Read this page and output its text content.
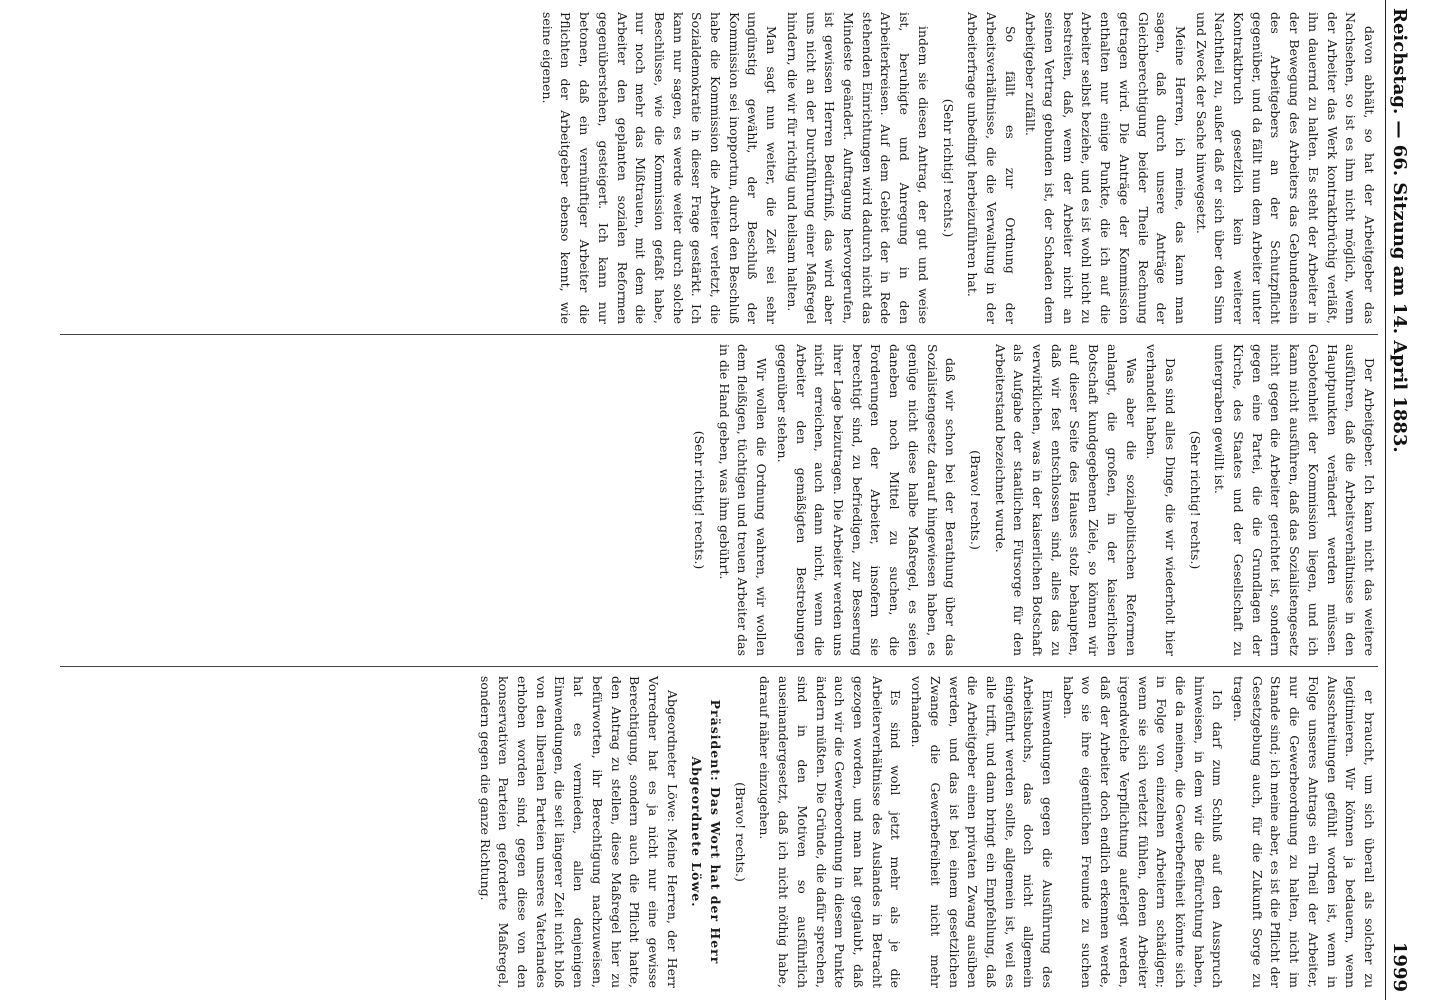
Reichstag. — 66. Sitzung am 14. April 1883.
1999

davon abhält, so hat der Arbeitgeber das Nachsehen, so ist es ihm nicht möglich, wenn der Arbeiter das Werk kontraktbrüchig verläßt, ihn dauernd zu halten. Es steht der Arbeiter in der Bewegung des Arbeiters das Gebundensein des Arbeitgebers an der Schutzpflicht gegenüber, und da fällt nun dem Arbeiter unter Kontraktbruch gesetzlich kein weiterer Nachtheil zu, außer daß er sich über den Sinn und Zweck der Sache hinwegsetzt.

Meine Herren, ich meine, das kann man sagen, daß durch unsere Anträge der Gleichberechtigung beider Theile Rechnung getragen wird. Die Anträge der Kommission enthalten nur einige Punkte, die ich auf die Arbeiter selbst beziehe, und es ist wohl nicht zu bestreiten, daß, wenn der Arbeiter nicht an seinen Vertrag gebunden ist, der Schaden dem Arbeitgeber zufällt.

So fällt es zur Ordnung der Arbeitsverhältnisse, die die Verwaltung in der Arbeiterfrage unbedingt herbeizuführen hat.

(Sehr richtig! rechts.)

indem sie diesen Antrag, der gut und weise ist, beruhigte und Anregung in den Arbeiterkreisen. Auf dem Gebiet der in Rede stehenden Einrichtungen wird dadurch nicht das Mindeste geändert. Auftragung hervorgerufen, ist gewissen Herren Bedürfniß, das wird aber uns nicht an der Durchführung einer Maßregel hindern, die wir für richtig und heilsam halten.

Man sagt nun weiter, die Zeit sei sehr ungünstig gewählt, der Beschluß der Kommission sei inopportun, durch den Beschluß habe die Kommission die Arbeiter verletzt, die Sozialdemokratie in dieser Frage gestärkt. Ich kann nur sagen, es werde weiter durch solche Beschlüsse, wie die Kommission gefaßt habe, nur noch mehr das Mißtrauen, mit dem die Arbeiter den geplanten sozialen Reformen gegenüberstehen, gesteigert. Ich kann nur betonen, daß ein vernünftiger Arbeiter die Pflichten der Arbeitgeber ebenso kennt, wie seine eigenen.

Der Arbeitgeber. Ich kann nicht das weitere ausführen, daß die Arbeitsverhältnisse in den Hauptpunkten verändert werden müssen. Gebotenheit der Kommission liegen, und ich kann nicht ausführen, daß das Sozialistengesetz nicht gegen die Arbeiter gerichtet ist, sondern gegen eine Partei, die die Grundlagen der Kirche, des Staates und der Gesellschaft zu untergraben gewillt ist.

(Sehr richtig! rechts.)

Das sind alles Dinge, die wir wiederholt hier verhandelt haben.

Was aber die sozialpolitischen Reformen anlangt, die großen, in der kaiserlichen Botschaft kundgegebenen Ziele, so können wir auf dieser Seite des Hauses stolz behaupten, daß wir fest entschlossen sind, alles das zu verwirklichen, was in der kaiserlichen Botschaft als Aufgabe der staatlichen Fürsorge für den Arbeiterstand bezeichnet wurde.

(Bravo! rechts.)

daß wir schon bei der Berathung über das Sozialistengesetz darauf hingewiesen haben, es genüge nicht diese halbe Maßregel, es seien daneben noch Mittel zu suchen, die Forderungen der Arbeiter, insofern sie berechtigt sind, zu befriedigen, zur Besserung ihrer Lage beizutragen. Die Arbeiter werden uns nicht erreichen, auch dann nicht, wenn die Arbeiter den gemäßigten Bestrebungen gegenüber stehen.

Wir wollen die Ordnung wahren, wir wollen dem fleißigen, tüchtigen und treuen Arbeiter das in die Hand geben, was ihm gebührt.

(Sehr richtig! rechts.)

er braucht, um sich überall als solcher zu legitimieren. Wir können ja bedauern, wenn Ausschreitungen gefühlt worden ist, wenn in Folge unseres Antrags ein Theil der Arbeiter, nur die Gewerbeordnung zu halten, nicht im Stande sind; ich meine aber, es ist die Pflicht der Gesetzgebung auch, für die Zukunft Sorge zu tragen.

Ich darf zum Schluß auf den Ausspruch hinweisen, in dem wir die Befürchtung haben, die da meinen, die Gewerbefreiheit könnte sich in Folge von einzelnen Arbeitern schädigen; wenn sie sich verletzt fühlen, denen Arbeiter irgendwelche Verpflichtung auferlegt werden, daß der Arbeiter doch endlich erkennen werde, wo sie ihre eigentlichen Freunde zu suchen haben.

Einwendungen gegen die Ausführung des Arbeitsbuchs, das doch nicht allgemein eingeführt werden sollte, allgemein ist, weil es alle trifft, und dann bringt ein Empfehlung, daß die Arbeitgeber einen privaten Zwang ausüben werden, und das ist bei einem gesetzlichen Zwange die Gewerbefreiheit nicht mehr vorhanden.

Es sind wohl jetzt mehr als je die Arbeiterverhältnisse des Auslandes in Betracht gezogen worden, und man hat geglaubt, daß auch wir die Gewerbeordnung in diesem Punkte ändern müßten. Die Gründe, die dafür sprechen, sind in den Motiven so ausführlich auseinandergesetzt, daß ich nicht nöthig habe, darauf näher einzugehen.

(Bravo! rechts.)

Präsident: Das Wort hat der Herr Abgeordnete Löwe.

Abgeordneter Löwe: Meine Herren, der Herr Vorredner hat es ja nicht nur eine gewisse Berechtigung, sondern auch die Pflicht hatte, den Antrag zu stellen, diese Maßregel hier zu befürworten, ihr Berechtigung nachzuweisen, hat es vermieden, allen denjenigen Einwendungen, die seit längerer Zeit nicht bloß von den liberalen Parteien unseres Vaterlandes erhoben worden sind, gegen diese von den konservativen Parteien geforderte Maßregel, sondern gegen die ganze Richtung.
